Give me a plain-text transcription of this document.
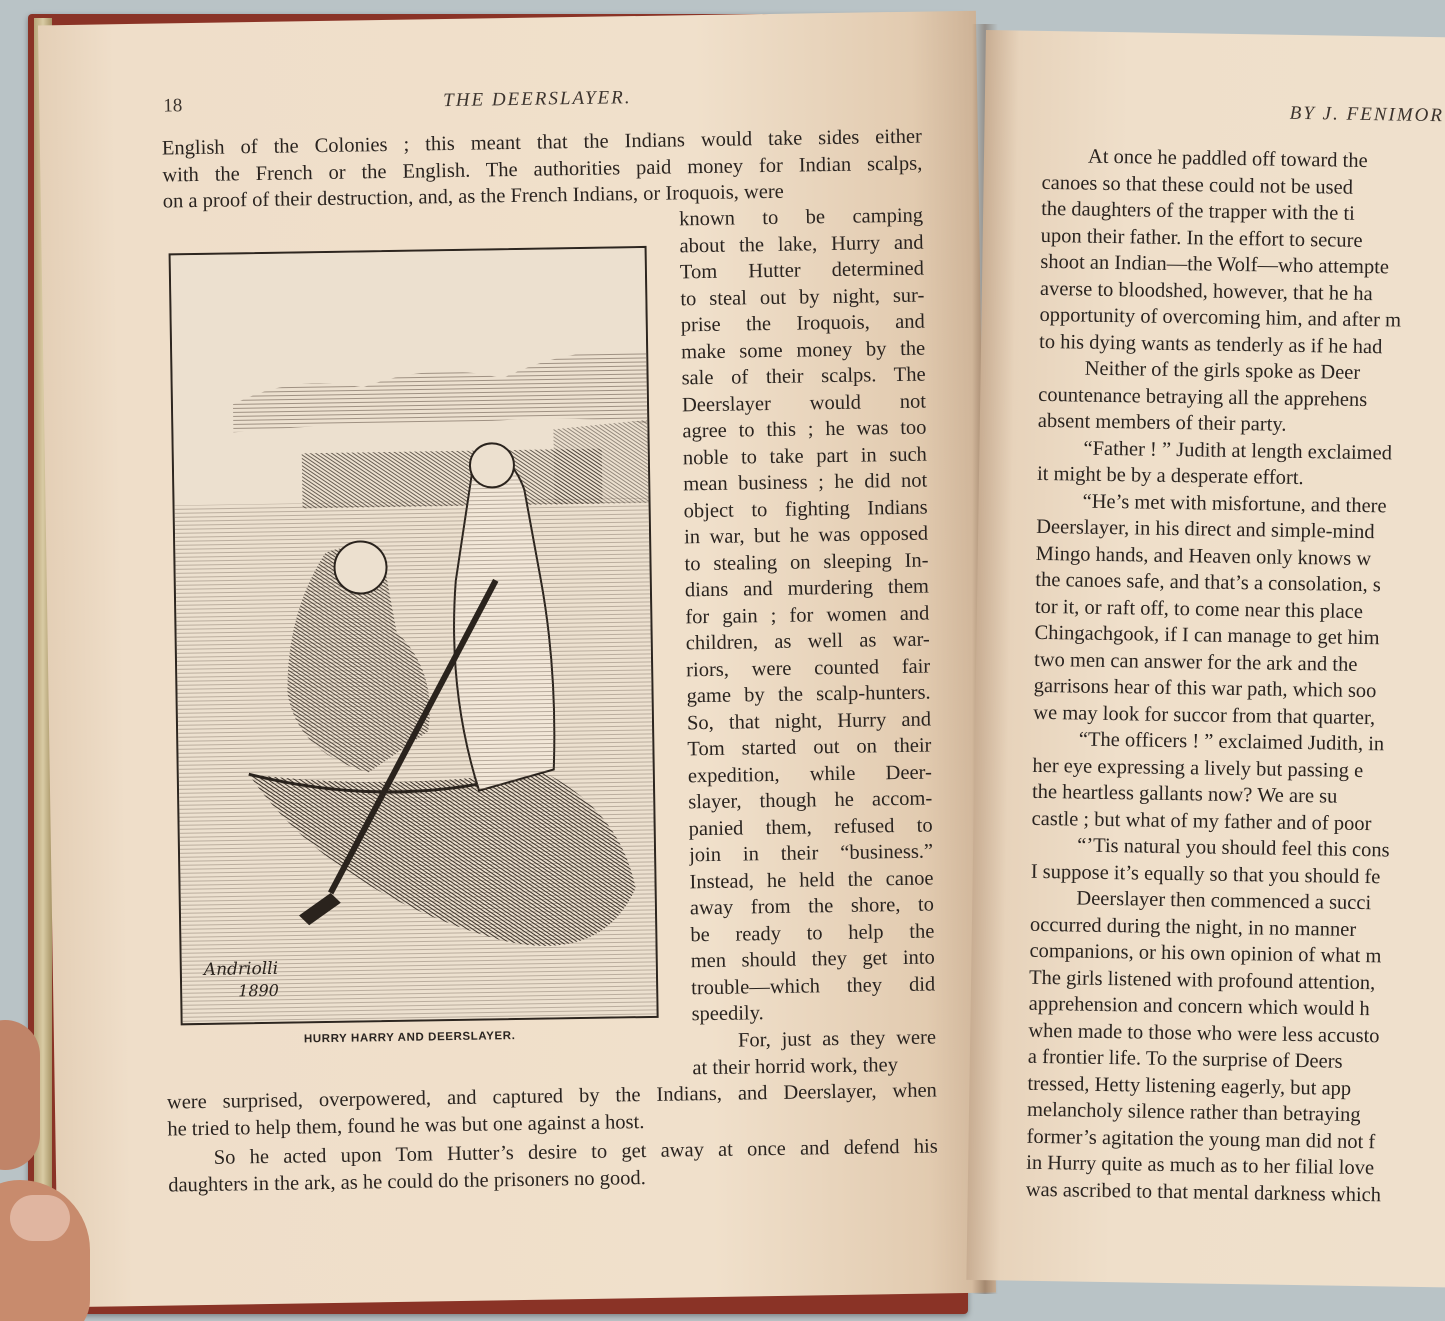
18	THE DEERSLAYER.
English of the Colonies ; this meant that the Indians would take sides either
with the French or the English. The authorities paid money for Indian scalps,
on a proof of their destruction, and, as the French Indians, or Iroquois, were
Andriolli
1890
HURRY HARRY AND DEERSLAYER.
known to be camping
about the lake, Hurry and
Tom Hutter determined
to steal out by night, sur-
prise the Iroquois, and
make some money by the
sale of their scalps. The
Deerslayer would not
agree to this ; he was too
noble to take part in such
mean business ; he did not
object to fighting Indians
in war, but he was opposed
to stealing on sleeping In-
dians and murdering them
for gain ; for women and
children, as well as war-
riors, were counted fair
game by the scalp-hunters.
So, that night, Hurry and
Tom started out on their
expedition, while Deer-
slayer, though he accom-
panied them, refused to
join in their “business.”
Instead, he held the canoe
away from the shore, to
be ready to help the
men should they get into
trouble—which they did
speedily.
For, just as they were
at their horrid work, they
were surprised, overpowered, and captured by the Indians, and Deerslayer, when
he tried to help them, found he was but one against a host.
So he acted upon Tom Hutter’s desire to get away at once and defend his
daughters in the ark, as he could do the prisoners no good.
BY J. FENIMOR
At once he paddled off toward the
canoes so that these could not be used
the daughters of the trapper with the ti
upon their father. In the effort to secure
shoot an Indian—the Wolf—who attempte
averse to bloodshed, however, that he ha
opportunity of overcoming him, and after m
to his dying wants as tenderly as if he had
Neither of the girls spoke as Deer
countenance betraying all the apprehens
absent members of their party.
“Father ! ” Judith at length exclaimed
it might be by a desperate effort.
“He’s met with misfortune, and there
Deerslayer, in his direct and simple-mind
Mingo hands, and Heaven only knows w
the canoes safe, and that’s a consolation, s
tor it, or raft off, to come near this place
Chingachgook, if I can manage to get him
two men can answer for the ark and the
garrisons hear of this war path, which soo
we may look for succor from that quarter,
“The officers ! ” exclaimed Judith, in
her eye expressing a lively but passing e
the heartless gallants now? We are su
castle ; but what of my father and of poor
“’Tis natural you should feel this cons
I suppose it’s equally so that you should fe
Deerslayer then commenced a succi
occurred during the night, in no manner
companions, or his own opinion of what m
The girls listened with profound attention,
apprehension and concern which would h
when made to those who were less accusto
a frontier life. To the surprise of Deers
tressed, Hetty listening eagerly, but app
melancholy silence rather than betraying
former’s agitation the young man did not f
in Hurry quite as much as to her filial love
was ascribed to that mental darkness which
